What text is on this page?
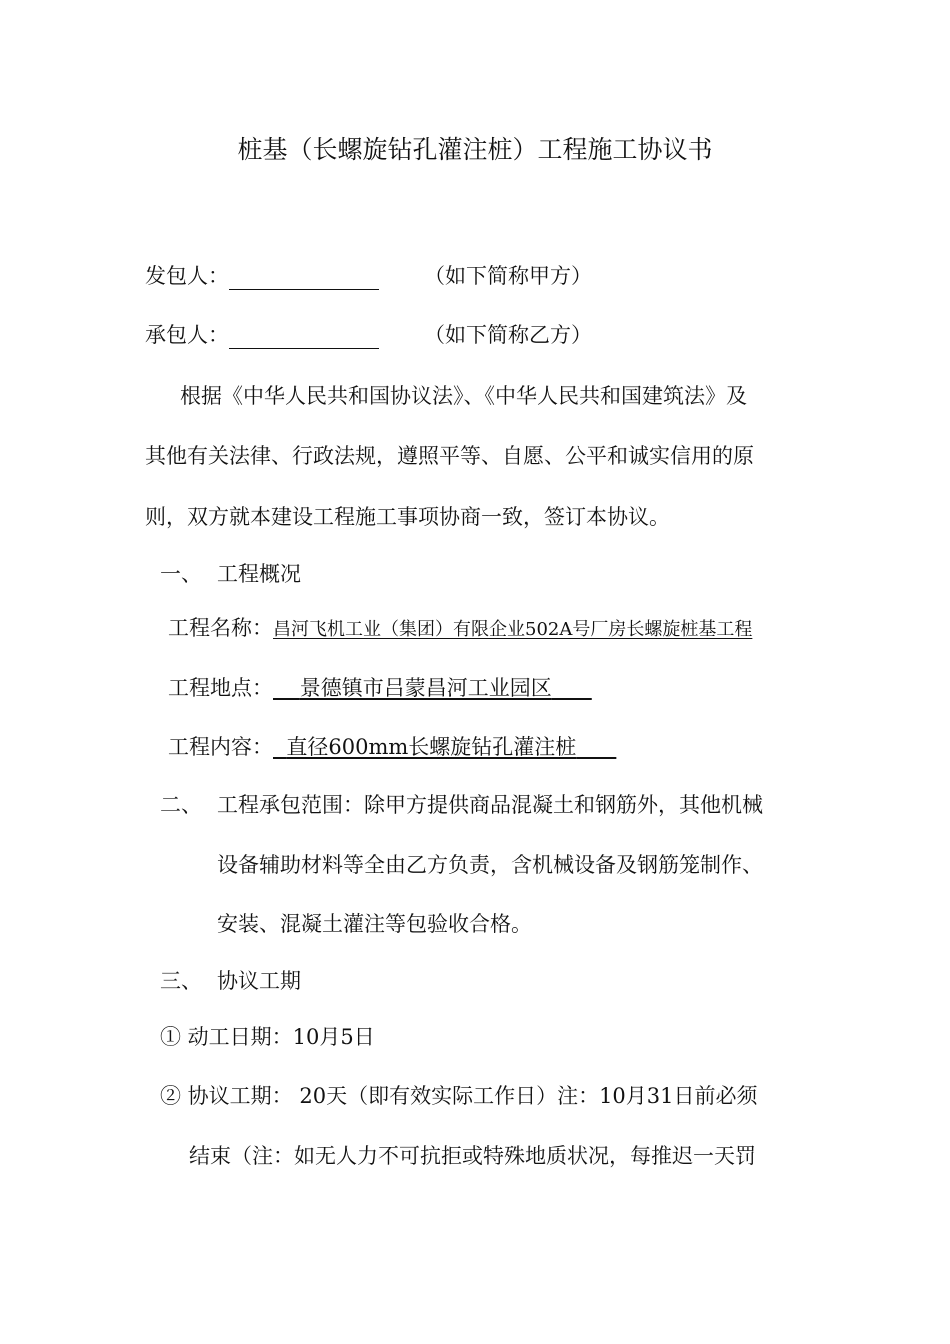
桩基（长螺旋钻孔灌注桩）工程施工协议书
发包人：	（如下简称甲方）
承包人：	（如下简称乙方）
根据《中华人民共和国协议法》、《中华人民共和国建筑法》及
其他有关法律、行政法规，遵照平等、自愿、公平和诚实信用的原
则，双方就本建设工程施工事项协商一致，签订本协议。
一、 工程概况
工程名称：昌河飞机工业（集团）有限企业502A号厂房长螺旋桩基工程
工程地点： 景德镇市吕蒙昌河工业园区
工程内容： 直径600mm长螺旋钻孔灌注桩
二、 工程承包范围：除甲方提供商品混凝土和钢筋外，其他机械
设备辅助材料等全由乙方负责，含机械设备及钢筋笼制作、
安装、混凝土灌注等包验收合格。
三、 协议工期
① 动工日期：10月5日
② 协议工期： 20天（即有效实际工作日）注：10月31日前必须
结束（注：如无人力不可抗拒或特殊地质状况，每推迟一天罚
